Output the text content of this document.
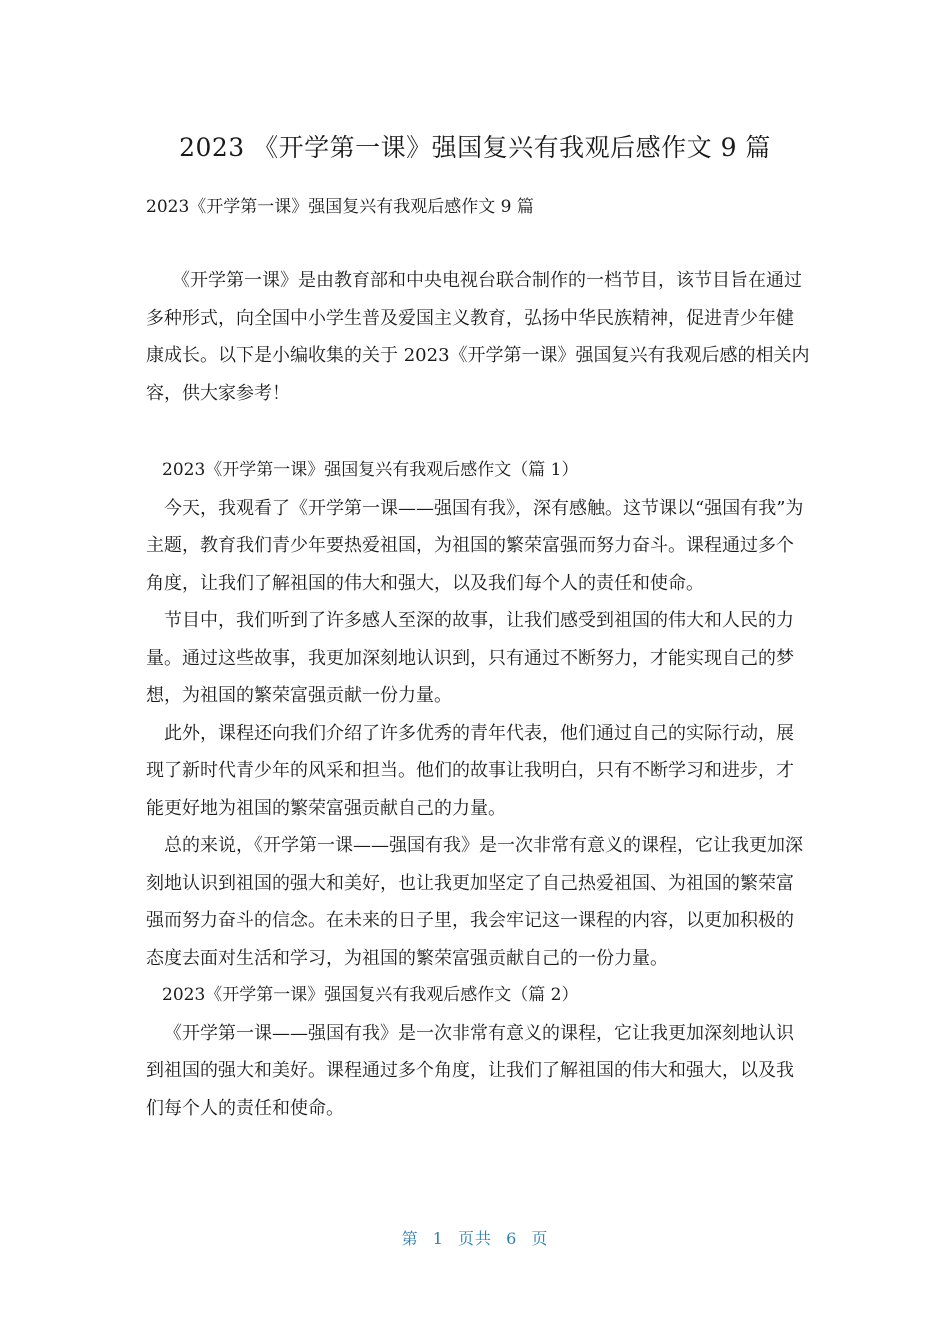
2023 《开学第一课》强国复兴有我观后感作文 9 篇
2023《开学第一课》强国复兴有我观后感作文 9 篇

《开学第一课》是由教育部和中央电视台联合制作的一档节目，该节目旨在通过多种形式，向全国中小学生普及爱国主义教育，弘扬中华民族精神，促进青少年健康成长。以下是小编收集的关于 2023《开学第一课》强国复兴有我观后感的相关内容，供大家参考！

2023《开学第一课》强国复兴有我观后感作文（篇 1）

今天，我观看了《开学第一课——强国有我》，深有感触。这节课以“强国有我”为主题，教育我们青少年要热爱祖国，为祖国的繁荣富强而努力奋斗。课程通过多个角度，让我们了解祖国的伟大和强大，以及我们每个人的责任和使命。

节目中，我们听到了许多感人至深的故事，让我们感受到祖国的伟大和人民的力量。通过这些故事，我更加深刻地认识到，只有通过不断努力，才能实现自己的梦想，为祖国的繁荣富强贡献一份力量。

此外，课程还向我们介绍了许多优秀的青年代表，他们通过自己的实际行动，展现了新时代青少年的风采和担当。他们的故事让我明白，只有不断学习和进步，才能更好地为祖国的繁荣富强贡献自己的力量。

总的来说，《开学第一课——强国有我》是一次非常有意义的课程，它让我更加深刻地认识到祖国的强大和美好，也让我更加坚定了自己热爱祖国、为祖国的繁荣富强而努力奋斗的信念。在未来的日子里，我会牢记这一课程的内容，以更加积极的态度去面对生活和学习，为祖国的繁荣富强贡献自己的一份力量。

2023《开学第一课》强国复兴有我观后感作文（篇 2）

《开学第一课——强国有我》是一次非常有意义的课程，它让我更加深刻地认识到祖国的强大和美好。课程通过多个角度，让我们了解祖国的伟大和强大，以及我们每个人的责任和使命。

第 1 页共 6 页
